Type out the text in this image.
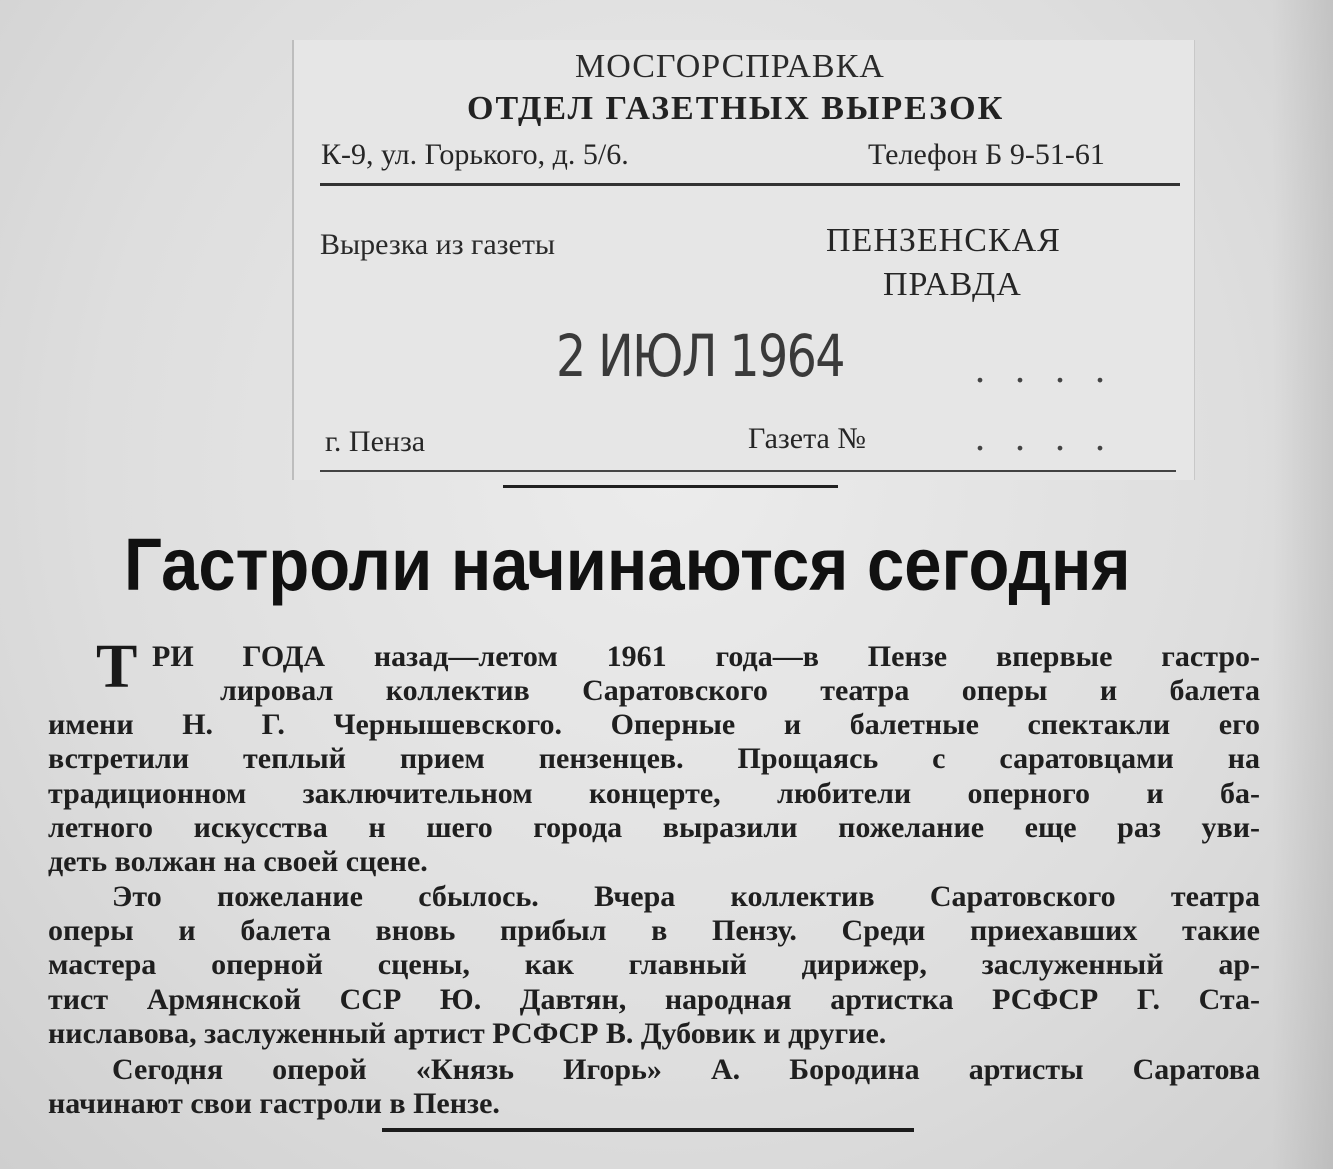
МОСГОРСПРАВКА
ОТДЕЛ ГАЗЕТНЫХ ВЫРЕЗОК
К-9, ул. Горького, д. 5/6.	Телефон Б 9-51-61
Вырезка из газеты	ПЕНЗЕНСКАЯ
ПРАВДА
2 ИЮЛ 1964	....
г. Пенза	Газета №	....
Гастроли начинаются сегодня
Т РИ ГОДА назад—летом 1961 года—в Пензе впервые гастро-
лировал коллектив Саратовского театра оперы и балета
имени Н. Г. Чернышевского. Оперные и балетные спектакли его
встретили теплый прием пензенцев. Прощаясь с саратовцами на
традиционном заключительном концерте, любители оперного и ба-
летного искусства н шего города выразили пожелание еще раз уви-
деть волжан на своей сцене.
Это пожелание сбылось. Вчера коллектив Саратовского театра
оперы и балета вновь прибыл в Пензу. Среди приехавших такие
мастера оперной сцены, как главный дирижер, заслуженный ар-
тист Армянской ССР Ю. Давтян, народная артистка РСФСР Г. Ста-
ниславова, заслуженный артист РСФСР В. Дубовик и другие.
Сегодня оперой «Князь Игорь» А. Бородина артисты Саратова
начинают свои гастроли в Пензе.
